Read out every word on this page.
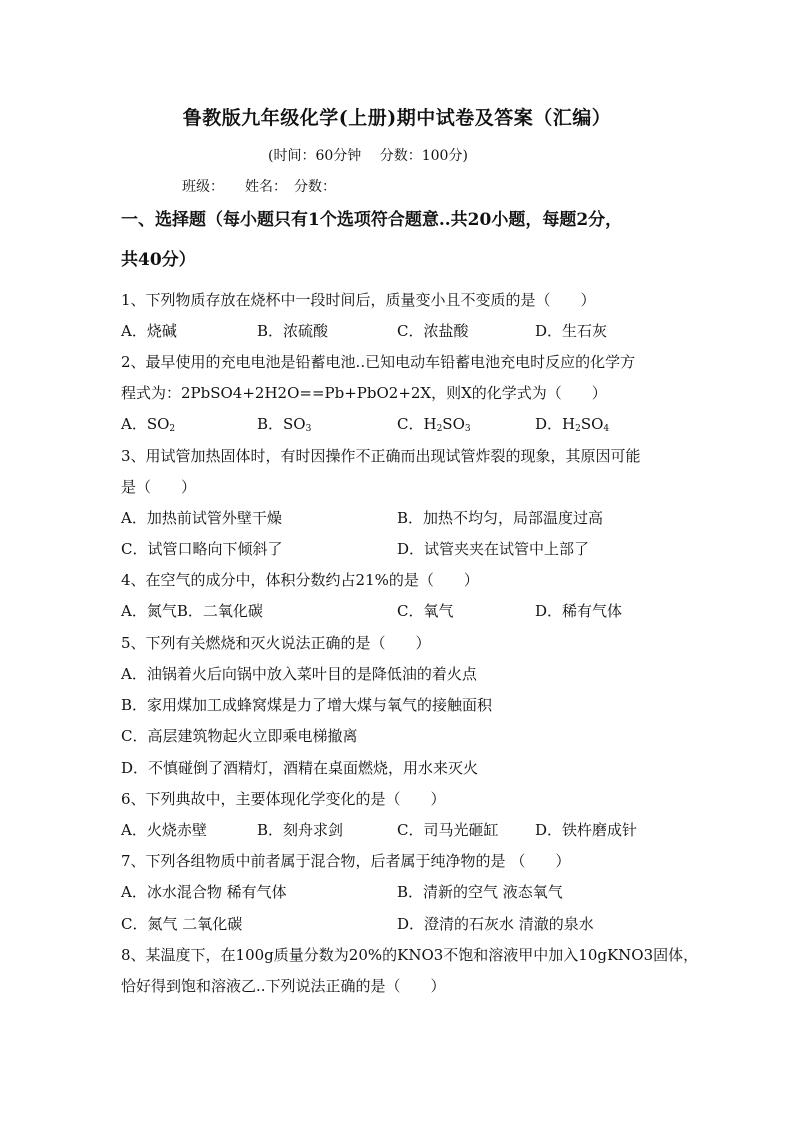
鲁教版九年级化学(上册)期中试卷及答案（汇编）
(时间：60分钟　 分数：100分)
班级：　　姓名：　分数：
一、选择题（每小题只有1个选项符合题意..共20小题，每题2分，
共40分）
1、下列物质存放在烧杯中一段时间后，质量变小且不变质的是（　　）
A．烧碱	B．浓硫酸	C．浓盐酸	D．生石灰
2、最早使用的充电电池是铅蓄电池..已知电动车铅蓄电池充电时反应的化学方
程式为：2PbSO4+2H2O==Pb+PbO2+2X，则X的化学式为（　　）
A．$SO_2$	B．$SO_3$	C．$H_2SO_3$	D．$H_2SO_4$
3、用试管加热固体时，有时因操作不正确而出现试管炸裂的现象，其原因可能
是（　　）
A．加热前试管外壁干燥	B．加热不均匀，局部温度过高
C．试管口略向下倾斜了	D．试管夹夹在试管中上部了
4、在空气的成分中，体积分数约占21%的是（　　）
A．氮气B．二氧化碳	C．氧气	D．稀有气体
5、下列有关燃烧和灭火说法正确的是（　　）
A．油锅着火后向锅中放入菜叶目的是降低油的着火点
B．家用煤加工成蜂窝煤是力了增大煤与氧气的接触面积
C．高层建筑物起火立即乘电梯撤离
D．不慎碰倒了酒精灯，酒精在桌面燃烧，用水来灭火
6、下列典故中，主要体现化学变化的是（　　）
A．火烧赤壁	B．刻舟求剑	C．司马光砸缸 D．铁杵磨成针
7、下列各组物质中前者属于混合物，后者属于纯净物的是 （　　）
A．冰水混合物 稀有气体	B．清新的空气 液态氧气
C．氮气 二氧化碳	D．澄清的石灰水 清澈的泉水
8、某温度下，在100g质量分数为20%的KNO3不饱和溶液甲中加入10gKNO3固体，
恰好得到饱和溶液乙..下列说法正确的是（　　）
